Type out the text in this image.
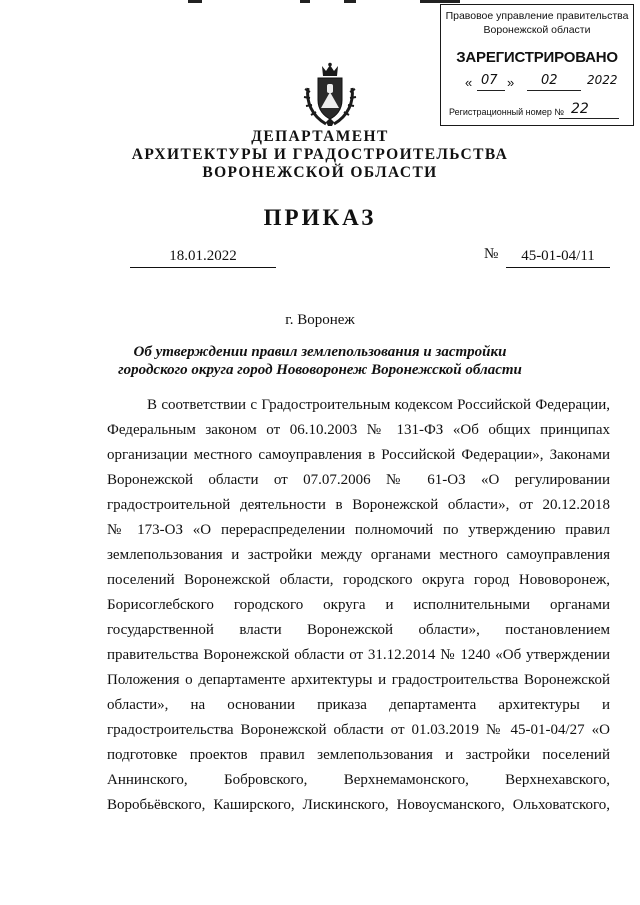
Правовое управление правительства
Воронежской области
ЗАРЕГИСТРИРОВАНО
« 07 » 02 2022
Регистрационный номер № 22
ДЕПАРТАМЕНТ
АРХИТЕКТУРЫ И ГРАДОСТРОИТЕЛЬСТВА
ВОРОНЕЖСКОЙ ОБЛАСТИ
ПРИКАЗ
18.01.2022	№	45-01-04/11
г. Воронеж
Об утверждении правил землепользования и застройки
городского округа город Нововоронеж Воронежской области
В соответствии с Градостроительным кодексом Российской Федерации,
Федеральным законом от 06.10.2003 № 131-ФЗ «Об общих принципах
организации местного самоуправления в Российской Федерации», Законами
Воронежской области от 07.07.2006 № 61-ОЗ «О регулировании
градостроительной деятельности в Воронежской области», от 20.12.2018
№ 173-ОЗ «О перераспределении полномочий по утверждению правил
землепользования и застройки между органами местного самоуправления
поселений Воронежской области, городского округа город Нововоронеж,
Борисоглебского городского округа и исполнительными органами
государственной власти Воронежской области», постановлением
правительства Воронежской области от 31.12.2014 № 1240 «Об утверждении
Положения о департаменте архитектуры и градостроительства Воронежской
области», на основании приказа департамента архитектуры и
градостроительства Воронежской области от 01.03.2019 № 45-01-04/27 «О
подготовке проектов правил землепользования и застройки поселений
Аннинского, Бобровского, Верхнемамонского, Верхнехавского,
Воробьёвского, Каширского, Лискинского, Новоусманского, Ольховатского,
